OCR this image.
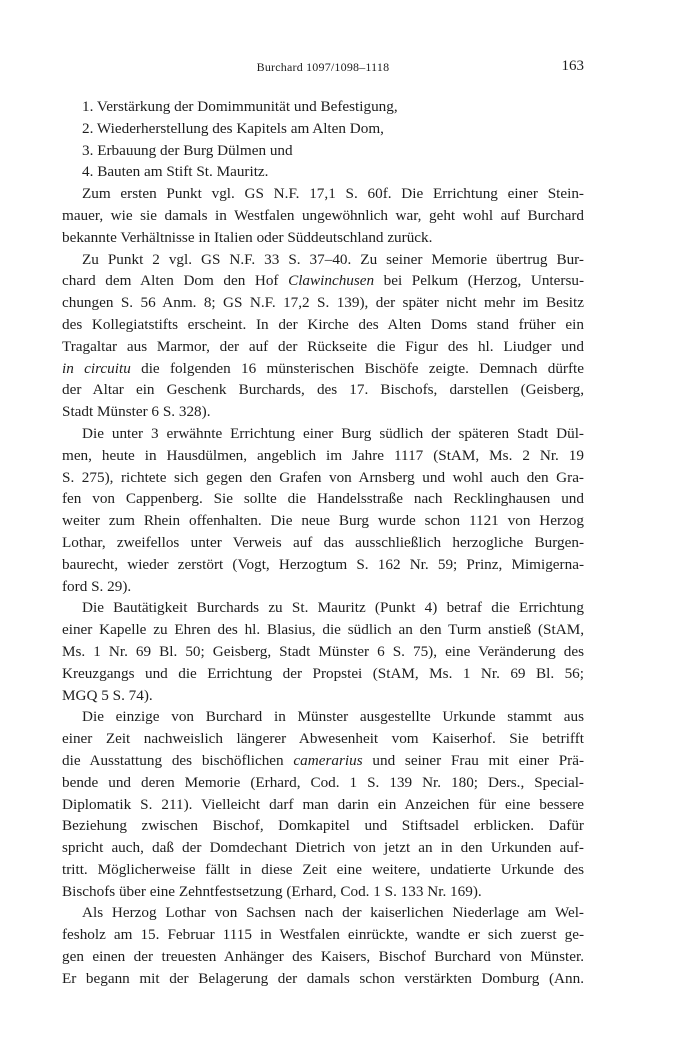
Burchard 1097/1098–1118	163
1. Verstärkung der Domimmunität und Befestigung,
2. Wiederherstellung des Kapitels am Alten Dom,
3. Erbauung der Burg Dülmen und
4. Bauten am Stift St. Mauritz.
Zum ersten Punkt vgl. GS N.F. 17,1 S. 60f. Die Errichtung einer Stein-
mauer, wie sie damals in Westfalen ungewöhnlich war, geht wohl auf Burchard
bekannte Verhältnisse in Italien oder Süddeutschland zurück.
Zu Punkt 2 vgl. GS N.F. 33 S. 37–40. Zu seiner Memorie übertrug Bur-
chard dem Alten Dom den Hof Clawinchusen bei Pelkum (Herzog, Untersu-
chungen S. 56 Anm. 8; GS N.F. 17,2 S. 139), der später nicht mehr im Besitz
des Kollegiatstifts erscheint. In der Kirche des Alten Doms stand früher ein
Tragaltar aus Marmor, der auf der Rückseite die Figur des hl. Liudger und
in circuitu die folgenden 16 münsterischen Bischöfe zeigte. Demnach dürfte
der Altar ein Geschenk Burchards, des 17. Bischofs, darstellen (Geisberg,
Stadt Münster 6 S. 328).
Die unter 3 erwähnte Errichtung einer Burg südlich der späteren Stadt Dül-
men, heute in Hausdülmen, angeblich im Jahre 1117 (StAM, Ms. 2 Nr. 19
S. 275), richtete sich gegen den Grafen von Arnsberg und wohl auch den Gra-
fen von Cappenberg. Sie sollte die Handelsstraße nach Recklinghausen und
weiter zum Rhein offenhalten. Die neue Burg wurde schon 1121 von Herzog
Lothar, zweifellos unter Verweis auf das ausschließlich herzogliche Burgen-
baurecht, wieder zerstört (Vogt, Herzogtum S. 162 Nr. 59; Prinz, Mimigerna-
ford S. 29).
Die Bautätigkeit Burchards zu St. Mauritz (Punkt 4) betraf die Errichtung
einer Kapelle zu Ehren des hl. Blasius, die südlich an den Turm anstieß (StAM,
Ms. 1 Nr. 69 Bl. 50; Geisberg, Stadt Münster 6 S. 75), eine Veränderung des
Kreuzgangs und die Errichtung der Propstei (StAM, Ms. 1 Nr. 69 Bl. 56;
MGQ 5 S. 74).
Die einzige von Burchard in Münster ausgestellte Urkunde stammt aus
einer Zeit nachweislich längerer Abwesenheit vom Kaiserhof. Sie betrifft
die Ausstattung des bischöflichen camerarius und seiner Frau mit einer Prä-
bende und deren Memorie (Erhard, Cod. 1 S. 139 Nr. 180; Ders., Special-
Diplomatik S. 211). Vielleicht darf man darin ein Anzeichen für eine bessere
Beziehung zwischen Bischof, Domkapitel und Stiftsadel erblicken. Dafür
spricht auch, daß der Domdechant Dietrich von jetzt an in den Urkunden auf-
tritt. Möglicherweise fällt in diese Zeit eine weitere, undatierte Urkunde des
Bischofs über eine Zehntfestsetzung (Erhard, Cod. 1 S. 133 Nr. 169).
Als Herzog Lothar von Sachsen nach der kaiserlichen Niederlage am Wel-
fesholz am 15. Februar 1115 in Westfalen einrückte, wandte er sich zuerst ge-
gen einen der treuesten Anhänger des Kaisers, Bischof Burchard von Münster.
Er begann mit der Belagerung der damals schon verstärkten Domburg (Ann.
